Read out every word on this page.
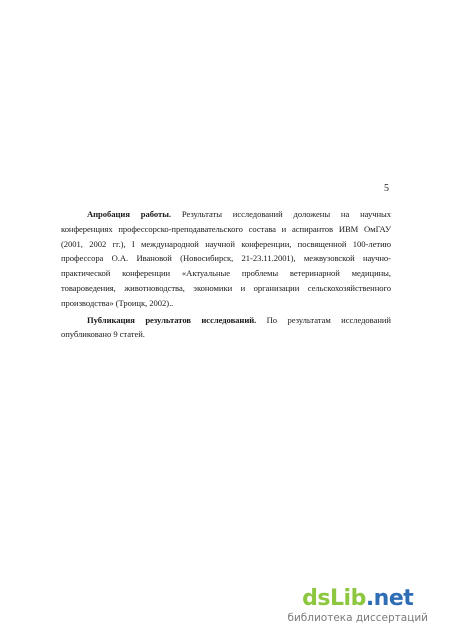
5

Апробация работы. Результаты исследований доложены на научных конференциях профессорско-преподавательского состава и аспирантов ИВМ ОмГАУ (2001, 2002 гг.), I международной научной конференции, посвященной 100-летию профессора О.А. Ивановой (Новосибирск, 21-23.11.2001), межвузовской научно-практической конференции «Актуальные проблемы ветеринарной медицины, товароведения, животноводства, экономики и организации сельскохозяйственного производства» (Троицк, 2002)..

Публикация результатов исследований. По результатам исследований опубликовано 9 статей.

dsLib.net
библиотека диссертаций
